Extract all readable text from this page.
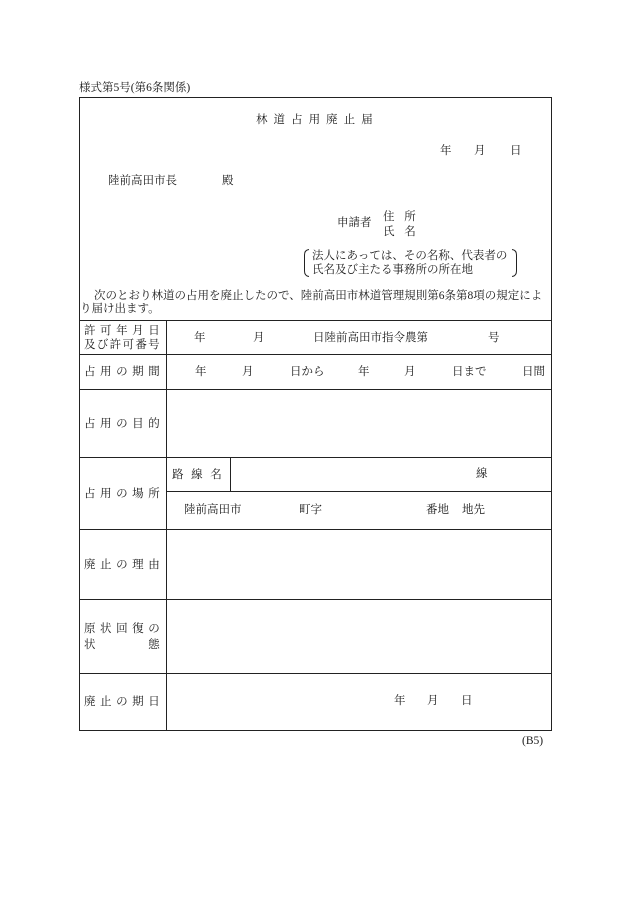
様式第5号(第6条関係)
林 道 占 用 廃 止 届
年 月 日
陸前高田市長	殿
申請者 住 所
氏 名
法人にあっては、その名称、代表者の
氏名及び主たる事務所の所在地
次のとおり林道の占用を廃止したので、陸前高田市林道管理規則第6条第8項の規定によ
り届け出ます。
許 可 年 月 日
及び許可番号
年	月	日陸前高田市指令農第	号
占 用 の 期 間	年	月	日から	年	月	日まで	日間
占 用 の 目 的
占 用 の 場 所
路 線 名	線
陸前高田市	町字	番地 地先
廃 止 の 理 由
原 状 回 復 の
状 態
廃 止 の 期 日	年 月 日
(B5)
